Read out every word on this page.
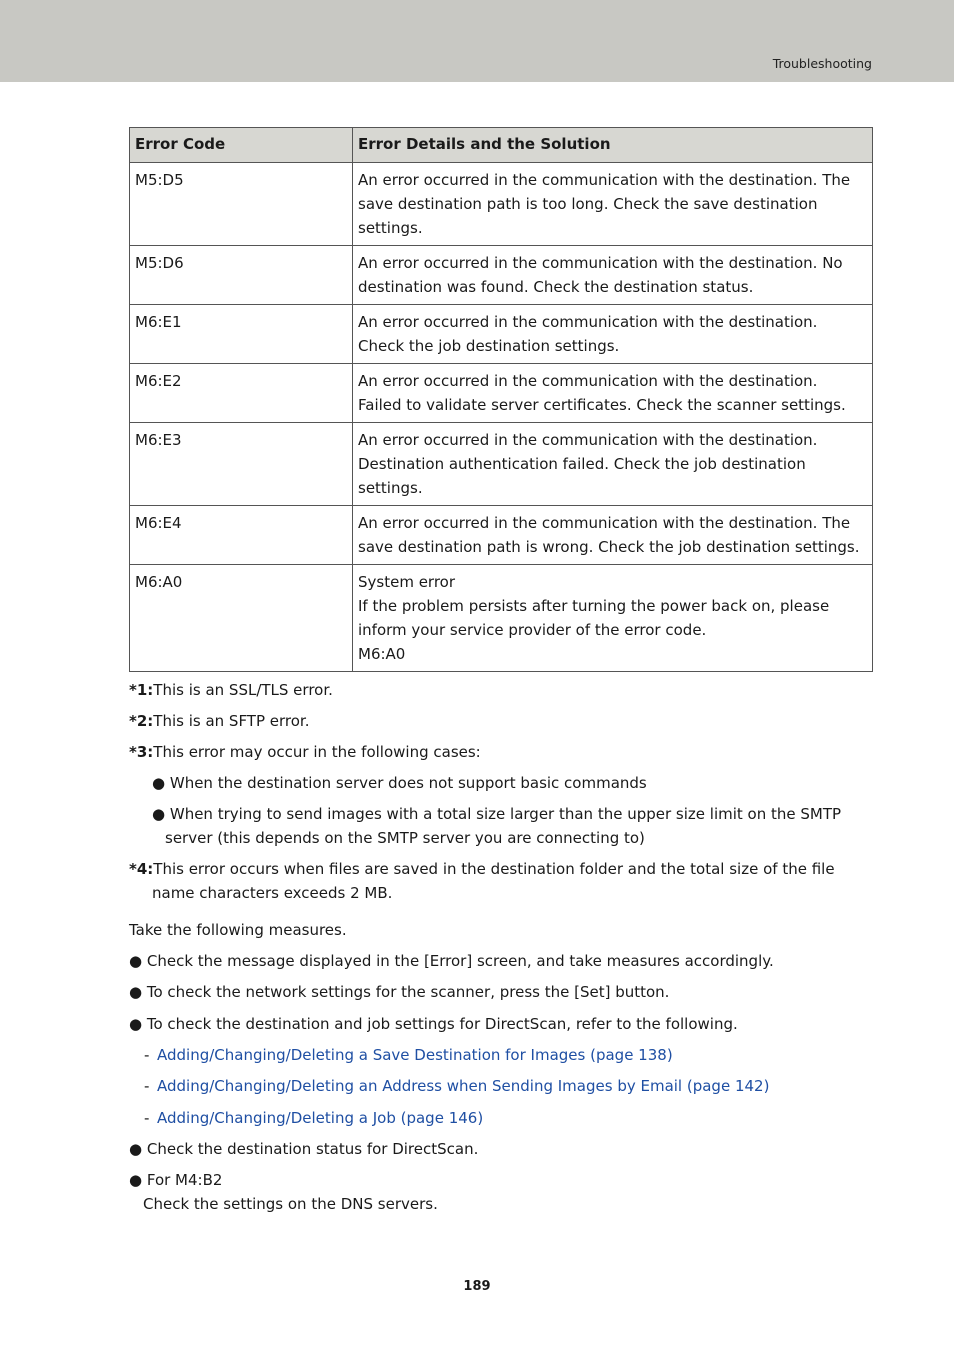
Troubleshooting
Error Code	Error Details and the Solution
M5:D5	An error occurred in the communication with the destination. The
save destination path is too long. Check the save destination
settings.

M5:D6	An error occurred in the communication with the destination. No
destination was found. Check the destination status.

M6:E1	An error occurred in the communication with the destination.
Check the job destination settings.

M6:E2	An error occurred in the communication with the destination.
Failed to validate server certificates. Check the scanner settings.

M6:E3	An error occurred in the communication with the destination.
Destination authentication failed. Check the job destination
settings.

M6:E4	An error occurred in the communication with the destination. The
save destination path is wrong. Check the job destination settings.

M6:A0	System error
If the problem persists after turning the power back on, please
inform your service provider of the error code.
M6:A0
*1:This is an SSL/TLS error.
*2:This is an SFTP error.
*3:This error may occur in the following cases:
● When the destination server does not support basic commands
● When trying to send images with a total size larger than the upper size limit on the SMTP
server (this depends on the SMTP server you are connecting to)
*4:This error occurs when files are saved in the destination folder and the total size of the file
name characters exceeds 2 MB.
Take the following measures.
● Check the message displayed in the [Error] screen, and take measures accordingly.
● To check the network settings for the scanner, press the [Set] button.
● To check the destination and job settings for DirectScan, refer to the following.
- Adding/Changing/Deleting a Save Destination for Images (page 138)
- Adding/Changing/Deleting an Address when Sending Images by Email (page 142)
- Adding/Changing/Deleting a Job (page 146)
● Check the destination status for DirectScan.
● For M4:B2
Check the settings on the DNS servers.
189
